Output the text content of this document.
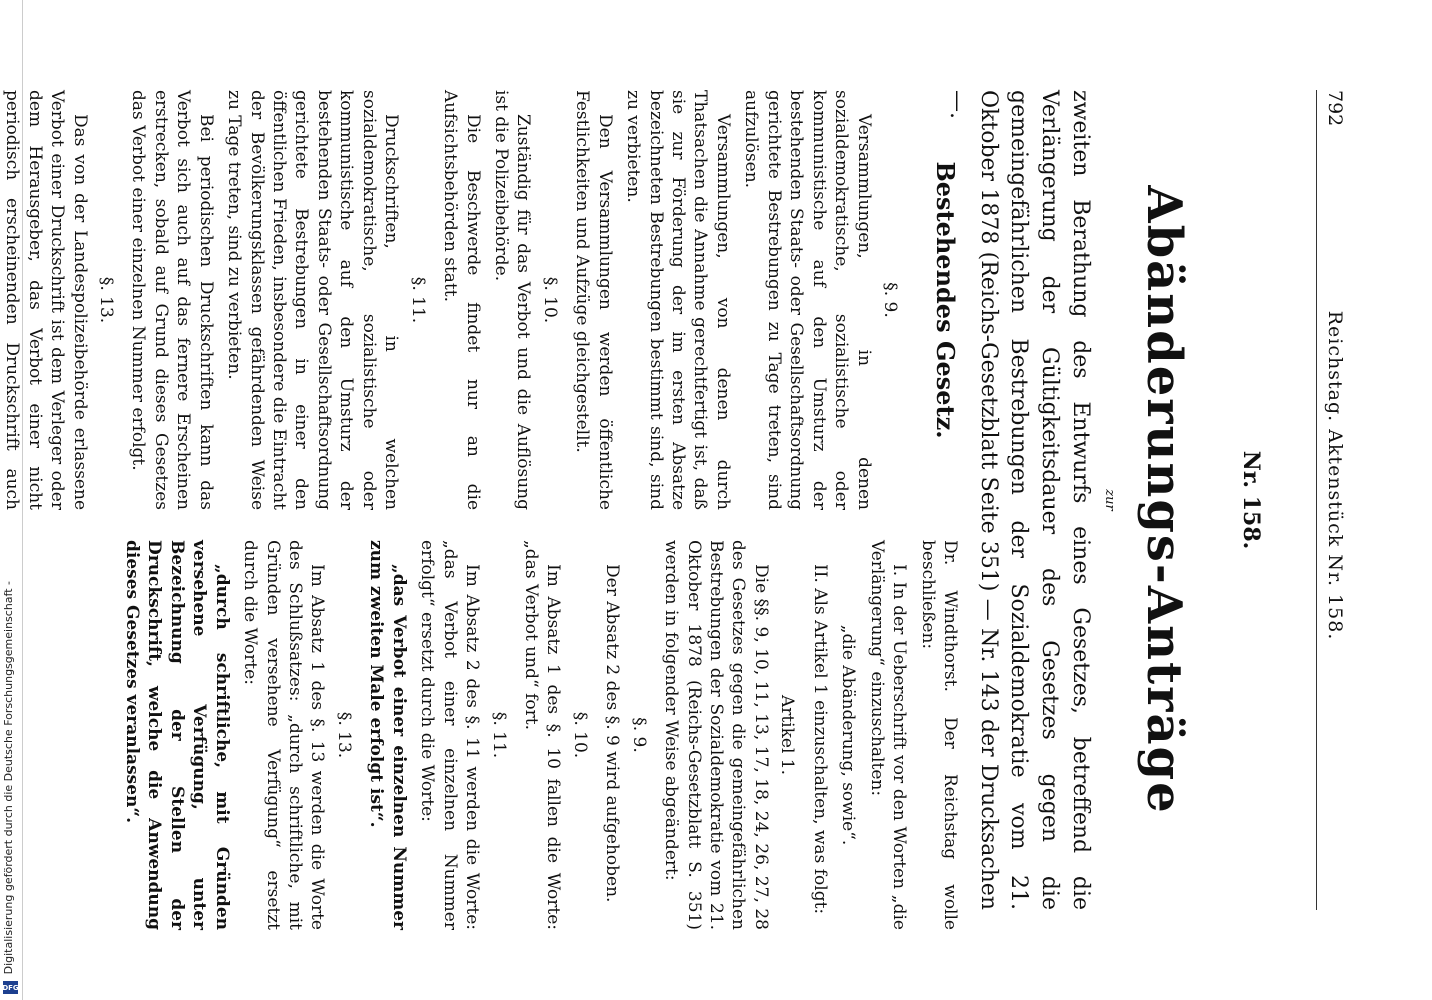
Digitalisierung gefördert durch die Deutsche Forschungsgemeinschaft -
DFG
792
Reichstag. Aktenstück Nr. 158.
Nr. 158.
Abänderungs-Anträge
zur
zweiten Berathung des Entwurfs eines Gesetzes, betreffend die Verlängerung der Gültigkeitsdauer des Gesetzes gegen die gemeingefährlichen Bestrebungen der Sozialdemokratie vom 21. Oktober 1878 (Reichs-Gesetzblatt Seite 351) — Nr. 143 der Drucksachen —.
Bestehendes Gesetz.

§. 9.

Versammlungen, in denen sozialdemokratische, sozialistische oder kommunistische auf den Umsturz der bestehenden Staats- oder Gesellschaftsordnung gerichtete Bestrebungen zu Tage treten, sind aufzulösen.

Versammlungen, von denen durch Thatsachen die Annahme gerechtfertigt ist, daß sie zur Förderung der im ersten Absatze bezeichneten Bestrebungen bestimmt sind, sind zu verbieten.

Den Versammlungen werden öffentliche Festlichkeiten und Aufzüge gleichgestellt.

§. 10.

Zuständig für das Verbot und die Auflösung ist die Polizeibehörde.

Die Beschwerde findet nur an die Aufsichtsbehörden statt.

§. 11.

Druckschriften, in welchen sozialdemokratische, sozialistische oder kommunistische auf den Umsturz der bestehenden Staats- oder Gesellschaftsordnung gerichtete Bestrebungen in einer den öffentlichen Frieden, insbesondere die Eintracht der Bevölkerungsklassen gefährdenden Weise zu Tage treten, sind zu verbieten.

Bei periodischen Druckschriften kann das Verbot sich auch auf das fernere Erscheinen erstrecken, sobald auf Grund dieses Gesetzes das Verbot einer einzelnen Nummer erfolgt.

§. 13.

Das von der Landespolizeibehörde erlassene Verbot einer Druckschrift ist dem Verleger oder dem Herausgeber, das Verbot einer nicht periodisch erscheinenden Druckschrift auch

Dr. Windthorst. Der Reichstag wolle beschließen:

I. In der Ueberschrift vor den Worten „die Verlängerung“ einzuschalten:

„die Abänderung, sowie“.

II. Als Artikel 1 einzuschalten, was folgt:

Artikel 1.

Die §§. 9, 10, 11, 13, 17, 18, 24, 26, 27, 28 des Gesetzes gegen die gemeingefährlichen Bestrebungen der Sozialdemokratie vom 21. Oktober 1878 (Reichs-Gesetzblatt S. 351) werden in folgender Weise abgeändert:

§. 9.

Der Absatz 2 des §. 9 wird aufgehoben.

§. 10.

Im Absatz 1 des §. 10 fallen die Worte: „das Verbot und“ fort.

§. 11.

Im Absatz 2 des §. 11 werden die Worte: „das Verbot einer einzelnen Nummer erfolgt“ ersetzt durch die Worte:

„das Verbot einer einzelnen Nummer zum zweiten Male erfolgt ist“.

§. 13.

Im Absatz 1 des §. 13 werden die Worte des Schlußsatzes: „durch schriftliche, mit Gründen versehene Verfügung“ ersetzt durch die Worte:

„durch schriftliche, mit Gründen versehene Verfügung, unter Bezeichnung der Stellen der Druckschrift, welche die Anwendung dieses Gesetzes veranlassen“.
